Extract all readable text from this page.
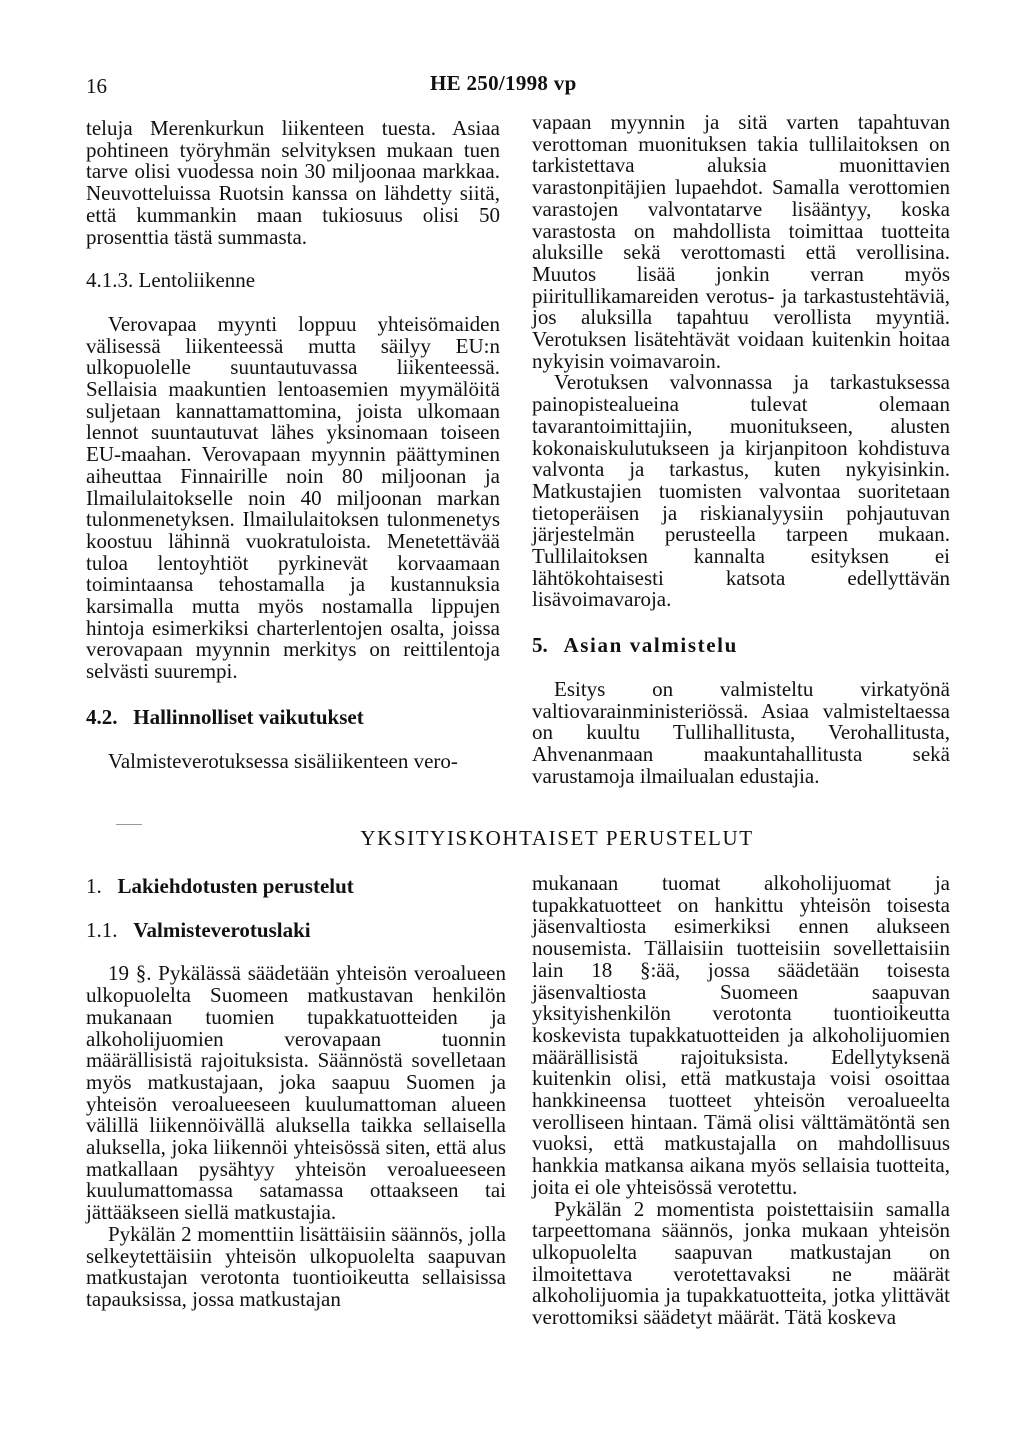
16	HE 250/1998 vp

teluja Merenkurkun liikenteen tuesta. Asiaa pohtineen työryhmän selvityksen mukaan tuen tarve olisi vuodessa noin 30 miljoonaa markkaa. Neuvotteluissa Ruotsin kanssa on lähdetty siitä, että kummankin maan tukiosuus olisi 50 prosenttia tästä summasta.

4.1.3. Lentoliikenne

Verovapaa myynti loppuu yhteisömaiden välisessä liikenteessä mutta säilyy EU:n ulkopuolelle suuntautuvassa liikenteessä. Sellaisia maakuntien lentoasemien myymälöitä suljetaan kannattamattomina, joista ulkomaan lennot suuntautuvat lähes yksinomaan toiseen EU-maahan. Verovapaan myynnin päättyminen aiheuttaa Finnairille noin 80 miljoonan ja Ilmailulaitokselle noin 40 miljoonan markan tulonmenetyksen. Ilmailulaitoksen tulonmenetys koostuu lähinnä vuokratuloista. Menetettävää tuloa lentoyhtiöt pyrkinevät korvaamaan toimintaansa tehostamalla ja kustannuksia karsimalla mutta myös nostamalla lippujen hintoja esimerkiksi charterlentojen osalta, joissa verovapaan myynnin merkitys on reittilentoja selvästi suurempi.

4.2. Hallinnolliset vaikutukset

Valmisteverotuksessa sisäliikenteen vero-

vapaan myynnin ja sitä varten tapahtuvan verottoman muonituksen takia tullilaitoksen on tarkistettava aluksia muonittavien varastonpitäjien lupaehdot. Samalla verottomien varastojen valvontatarve lisääntyy, koska varastosta on mahdollista toimittaa tuotteita aluksille sekä verottomasti että verollisina. Muutos lisää jonkin verran myös piiritullikamareiden verotus- ja tarkastustehtäviä, jos aluksilla tapahtuu verollista myyntiä. Verotuksen lisätehtävät voidaan kuitenkin hoitaa nykyisin voimavaroin.

Verotuksen valvonnassa ja tarkastuksessa painopistealueina tulevat olemaan tavarantoimittajiin, muonitukseen, alusten kokonaiskulutukseen ja kirjanpitoon kohdistuva valvonta ja tarkastus, kuten nykyisinkin. Matkustajien tuomisten valvontaa suoritetaan tietoperäisen ja riskianalyysiin pohjautuvan järjestelmän perusteella tarpeen mukaan. Tullilaitoksen kannalta esityksen ei lähtökohtaisesti katsota edellyttävän lisävoimavaroja.

5. Asian valmistelu

Esitys on valmisteltu virkatyönä valtiovarainministeriössä. Asiaa valmisteltaessa on kuultu Tullihallitusta, Verohallitusta, Ahvenanmaan maakuntahallitusta sekä varustamoja ilmailualan edustajia.

YKSITYISKOHTAISET PERUSTELUT

1. Lakiehdotusten perustelut

1.1. Valmisteverotuslaki

19 §. Pykälässä säädetään yhteisön veroalueen ulkopuolelta Suomeen matkustavan henkilön mukanaan tuomien tupakkatuotteiden ja alkoholijuomien verovapaan tuonnin määrällisistä rajoituksista. Säännöstä sovelletaan myös matkustajaan, joka saapuu Suomen ja yhteisön veroalueeseen kuulumattoman alueen välillä liikennöivällä aluksella taikka sellaisella aluksella, joka liikennöi yhteisössä siten, että alus matkallaan pysähtyy yhteisön veroalueeseen kuulumattomassa satamassa ottaakseen tai jättääkseen siellä matkustajia.

Pykälän 2 momenttiin lisättäisiin säännös, jolla selkeytettäisiin yhteisön ulkopuolelta saapuvan matkustajan verotonta tuontioikeutta sellaisissa tapauksissa, jossa matkustajan

mukanaan tuomat alkoholijuomat ja tupakkatuotteet on hankittu yhteisön toisesta jäsenvaltiosta esimerkiksi ennen alukseen nousemista. Tällaisiin tuotteisiin sovellettaisiin lain 18 §:ää, jossa säädetään toisesta jäsenvaltiosta Suomeen saapuvan yksityishenkilön verotonta tuontioikeutta koskevista tupakkatuotteiden ja alkoholijuomien määrällisistä rajoituksista. Edellytyksenä kuitenkin olisi, että matkustaja voisi osoittaa hankkineensa tuotteet yhteisön veroalueelta verolliseen hintaan. Tämä olisi välttämätöntä sen vuoksi, että matkustajalla on mahdollisuus hankkia matkansa aikana myös sellaisia tuotteita, joita ei ole yhteisössä verotettu.

Pykälän 2 momentista poistettaisiin samalla tarpeettomana säännös, jonka mukaan yhteisön ulkopuolelta saapuvan matkustajan on ilmoitettava verotettavaksi ne määrät alkoholijuomia ja tupakkatuotteita, jotka ylittävät verottomiksi säädetyt määrät. Tätä koskeva
